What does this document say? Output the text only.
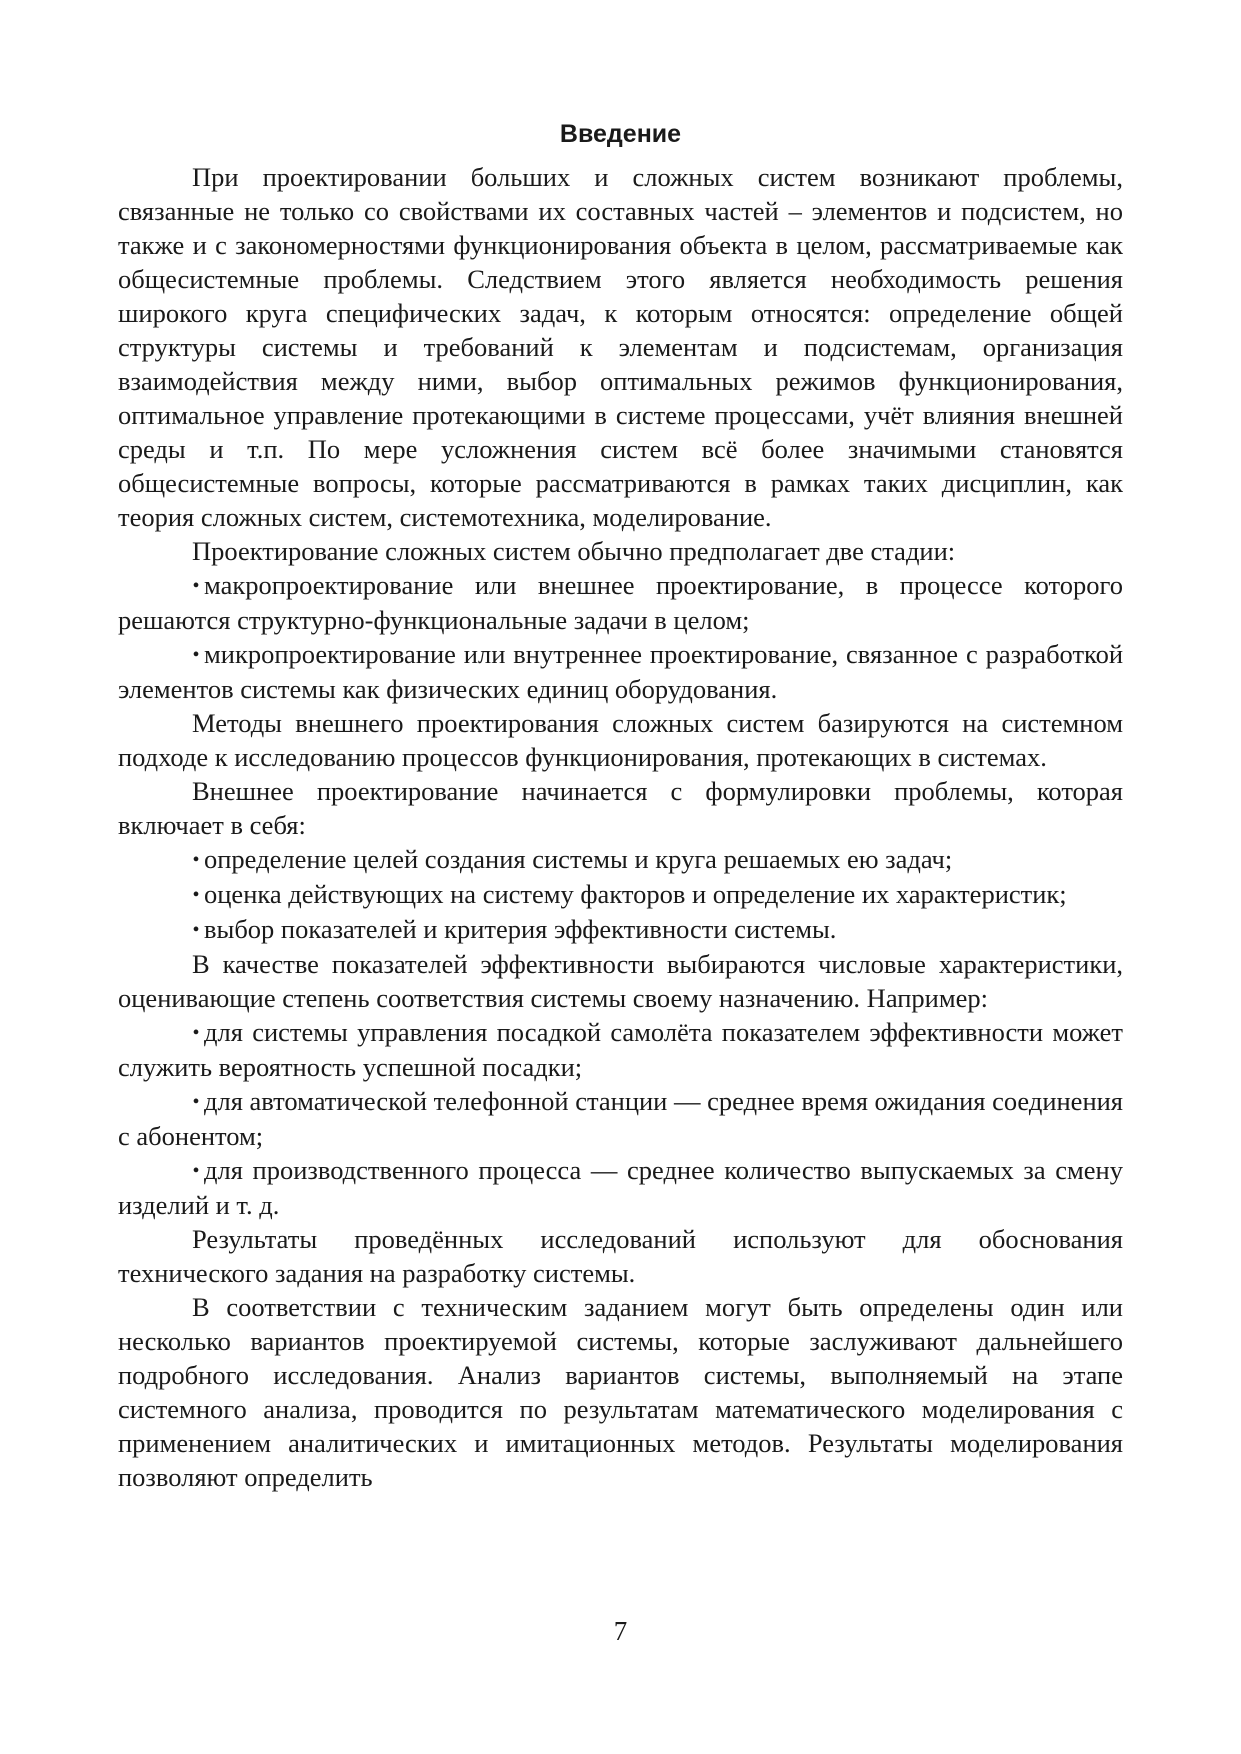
Введение

При проектировании больших и сложных систем возникают проблемы, связанные не только со свойствами их составных частей – элементов и подсистем, но также и с закономерностями функционирования объекта в целом, рассматриваемые как общесистемные проблемы. Следствием этого является необходимость решения широкого круга специфических задач, к которым относятся: определение общей структуры системы и требований к элементам и подсистемам, организация взаимодействия между ними, выбор оптимальных режимов функционирования, оптимальное управление протекающими в системе процессами, учёт влияния внешней среды и т.п. По мере усложнения систем всё более значимыми становятся общесистемные вопросы, которые рассматриваются в рамках таких дисциплин, как теория сложных систем, системотехника, моделирование.

Проектирование сложных систем обычно предполагает две стадии:

• макропроектирование или внешнее проектирование, в процессе которого решаются структурно-функциональные задачи в целом;

• микропроектирование или внутреннее проектирование, связанное с разработкой элементов системы как физических единиц оборудования.

Методы внешнего проектирования сложных систем базируются на системном подходе к исследованию процессов функционирования, протекающих в системах.

Внешнее проектирование начинается с формулировки проблемы, которая включает в себя:

• определение целей создания системы и круга решаемых ею задач;

• оценка действующих на систему факторов и определение их характеристик;

• выбор показателей и критерия эффективности системы.

В качестве показателей эффективности выбираются числовые характеристики, оценивающие степень соответствия системы своему назначению. Например:

• для системы управления посадкой самолёта показателем эффективности может служить вероятность успешной посадки;

• для автоматической телефонной станции — среднее время ожидания соединения с абонентом;

• для производственного процесса — среднее количество выпускаемых за смену изделий и т. д.

Результаты проведённых исследований используют для обоснования технического задания на разработку системы.

В соответствии с техническим заданием могут быть определены один или несколько вариантов проектируемой системы, которые заслуживают дальнейшего подробного исследования. Анализ вариантов системы, выполняемый на этапе системного анализа, проводится по результатам математического моделирования с применением аналитических и имитационных методов. Результаты моделирования позволяют определить

7
